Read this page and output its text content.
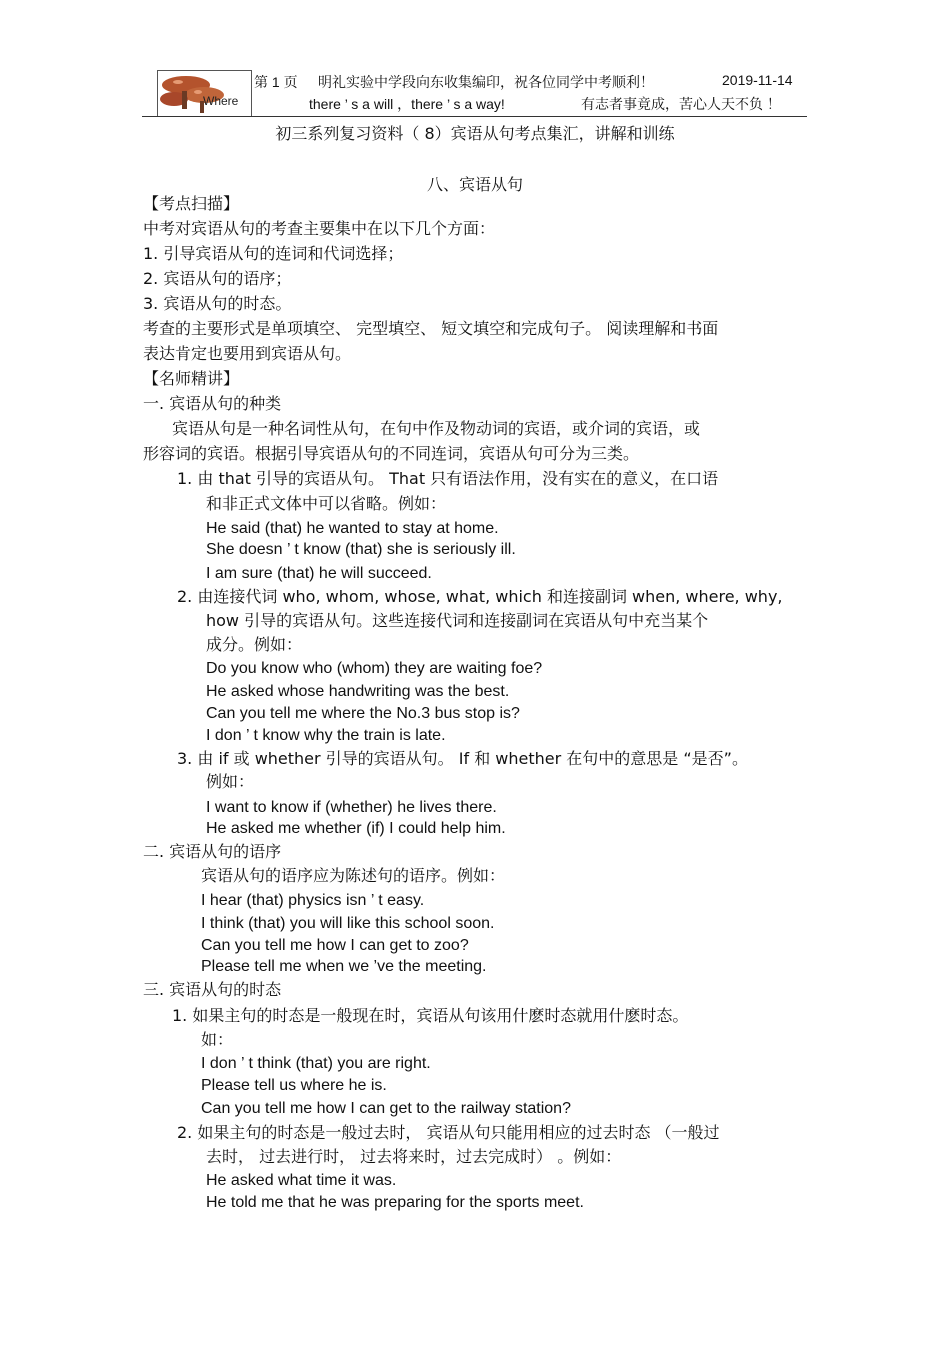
Where
第 1 页 明礼实验中学段向东收集编印，祝各位同学中考顺利！	2019-11-14
there ’ s a will ，there ’ s a way!	有志者事竟成，苦心人天不负 ！
初三系列复习资料（ 8）宾语从句考点集汇，讲解和训练
八、宾语从句
【考点扫描】
中考对宾语从句的考查主要集中在以下几个方面：
1. 引导宾语从句的连词和代词选择；
2. 宾语从句的语序；
3. 宾语从句的时态。
考查的主要形式是单项填空、 完型填空、 短文填空和完成句子。 阅读理解和书面
表达肯定也要用到宾语从句。
【名师精讲】
一. 宾语从句的种类
宾语从句是一种名词性从句，在句中作及物动词的宾语，或介词的宾语，或
形容词的宾语。根据引导宾语从句的不同连词，宾语从句可分为三类。
1. 由 that 引导的宾语从句。 That 只有语法作用，没有实在的意义，在口语
和非正式文体中可以省略。例如：
He said (that) he wanted to stay at home.
She doesn ’ t know (that) she is seriously ill.
I am sure (that) he will succeed.
2. 由连接代词 who, whom, whose, what, which 和连接副词 when, where, why,
how 引导的宾语从句。这些连接代词和连接副词在宾语从句中充当某个
成分。例如：
Do you know who (whom) they are waiting foe?
He asked whose handwriting was the best.
Can you tell me where the No.3 bus stop is?
I don ’ t know why the train is late.
3. 由 if 或 whether 引导的宾语从句。 If 和 whether 在句中的意思是 “是否”。
例如：
I want to know if (whether) he lives there.
He asked me whether (if) I could help him.
二. 宾语从句的语序
宾语从句的语序应为陈述句的语序。例如：
I hear (that) physics isn ’ t easy.
I think (that) you will like this school soon.
Can you tell me how I can get to zoo?
Please tell me when we ’ve the meeting.
三. 宾语从句的时态
1. 如果主句的时态是一般现在时，宾语从句该用什麽时态就用什麽时态。
如：
I don ’ t think (that) you are right.
Please tell us where he is.
Can you tell me how I can get to the railway station?
2. 如果主句的时态是一般过去时， 宾语从句只能用相应的过去时态 （一般过
去时， 过去进行时， 过去将来时，过去完成时） 。例如：
He asked what time it was.
He told me that he was preparing for the sports meet.
